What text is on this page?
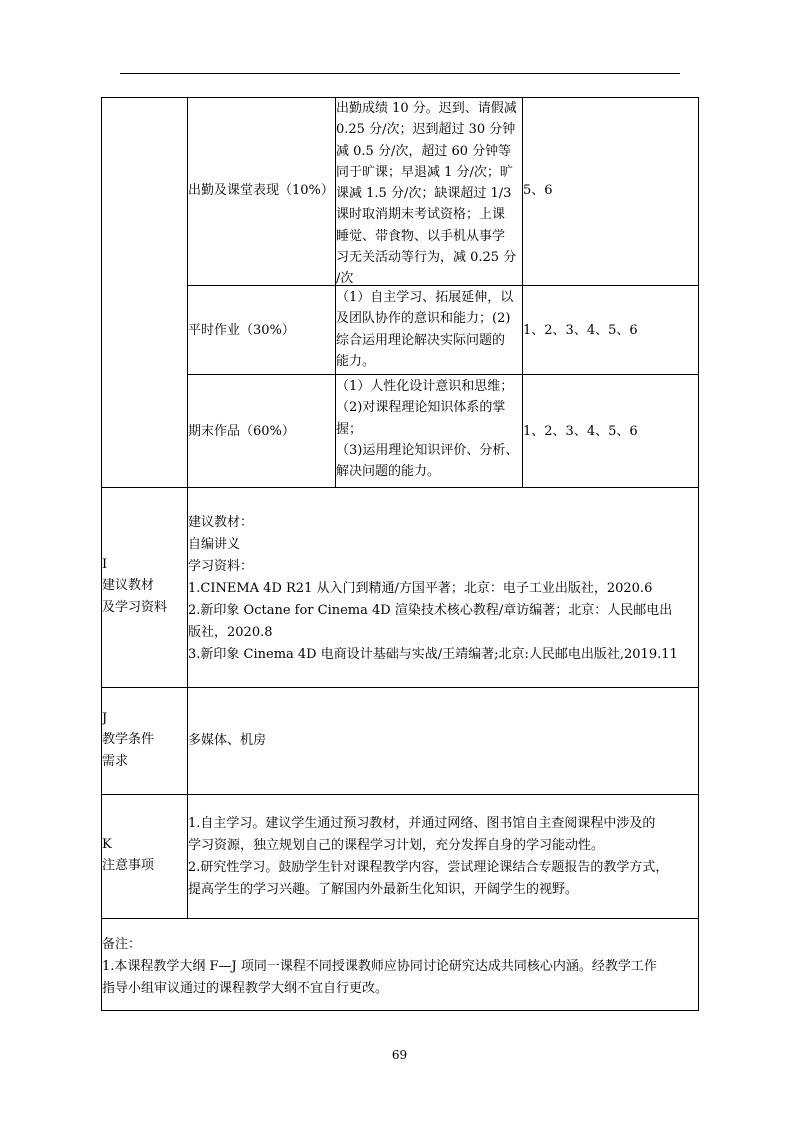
出勤及课堂表现（10%）
出勤成绩 10 分。迟到、请假减
0.25 分/次；迟到超过 30 分钟
减 0.5 分/次，超过 60 分钟等
同于旷课；早退减 1 分/次；旷
课减 1.5 分/次；缺课超过 1/3
课时取消期末考试资格；上课
睡觉、带食物、以手机从事学
习无关活动等行为，减 0.25 分
/次
5、6
平时作业（30%）
（1）自主学习、拓展延伸，以
及团队协作的意识和能力；(2)
综合运用理论解决实际问题的
能力。
1、2、3、4、5、6
期末作品（60%）
（1）人性化设计意识和思维；
（2)对课程理论知识体系的掌
握；
（3)运用理论知识评价、分析、
解决问题的能力。
1、2、3、4、5、6
I
建议教材
及学习资料
建议教材：
自编讲义
学习资料：
1.CINEMA 4D R21 从入门到精通/方国平著；北京：电子工业出版社，2020.6
2.新印象 Octane for Cinema 4D 渲染技术核心教程/章访编著；北京：人民邮电出
版社，2020.8
3.新印象 Cinema 4D 电商设计基础与实战/王靖编著;北京:人民邮电出版社,2019.11
J
教学条件
需求
多媒体、机房
K
注意事项
1.自主学习。建议学生通过预习教材，并通过网络、图书馆自主查阅课程中涉及的
学习资源，独立规划自己的课程学习计划，充分发挥自身的学习能动性。
2.研究性学习。鼓励学生针对课程教学内容，尝试理论课结合专题报告的教学方式，
提高学生的学习兴趣。了解国内外最新生化知识，开阔学生的视野。
备注：
1.本课程教学大纲 F—J 项同一课程不同授课教师应协同讨论研究达成共同核心内涵。经教学工作
指导小组审议通过的课程教学大纲不宜自行更改。
69
